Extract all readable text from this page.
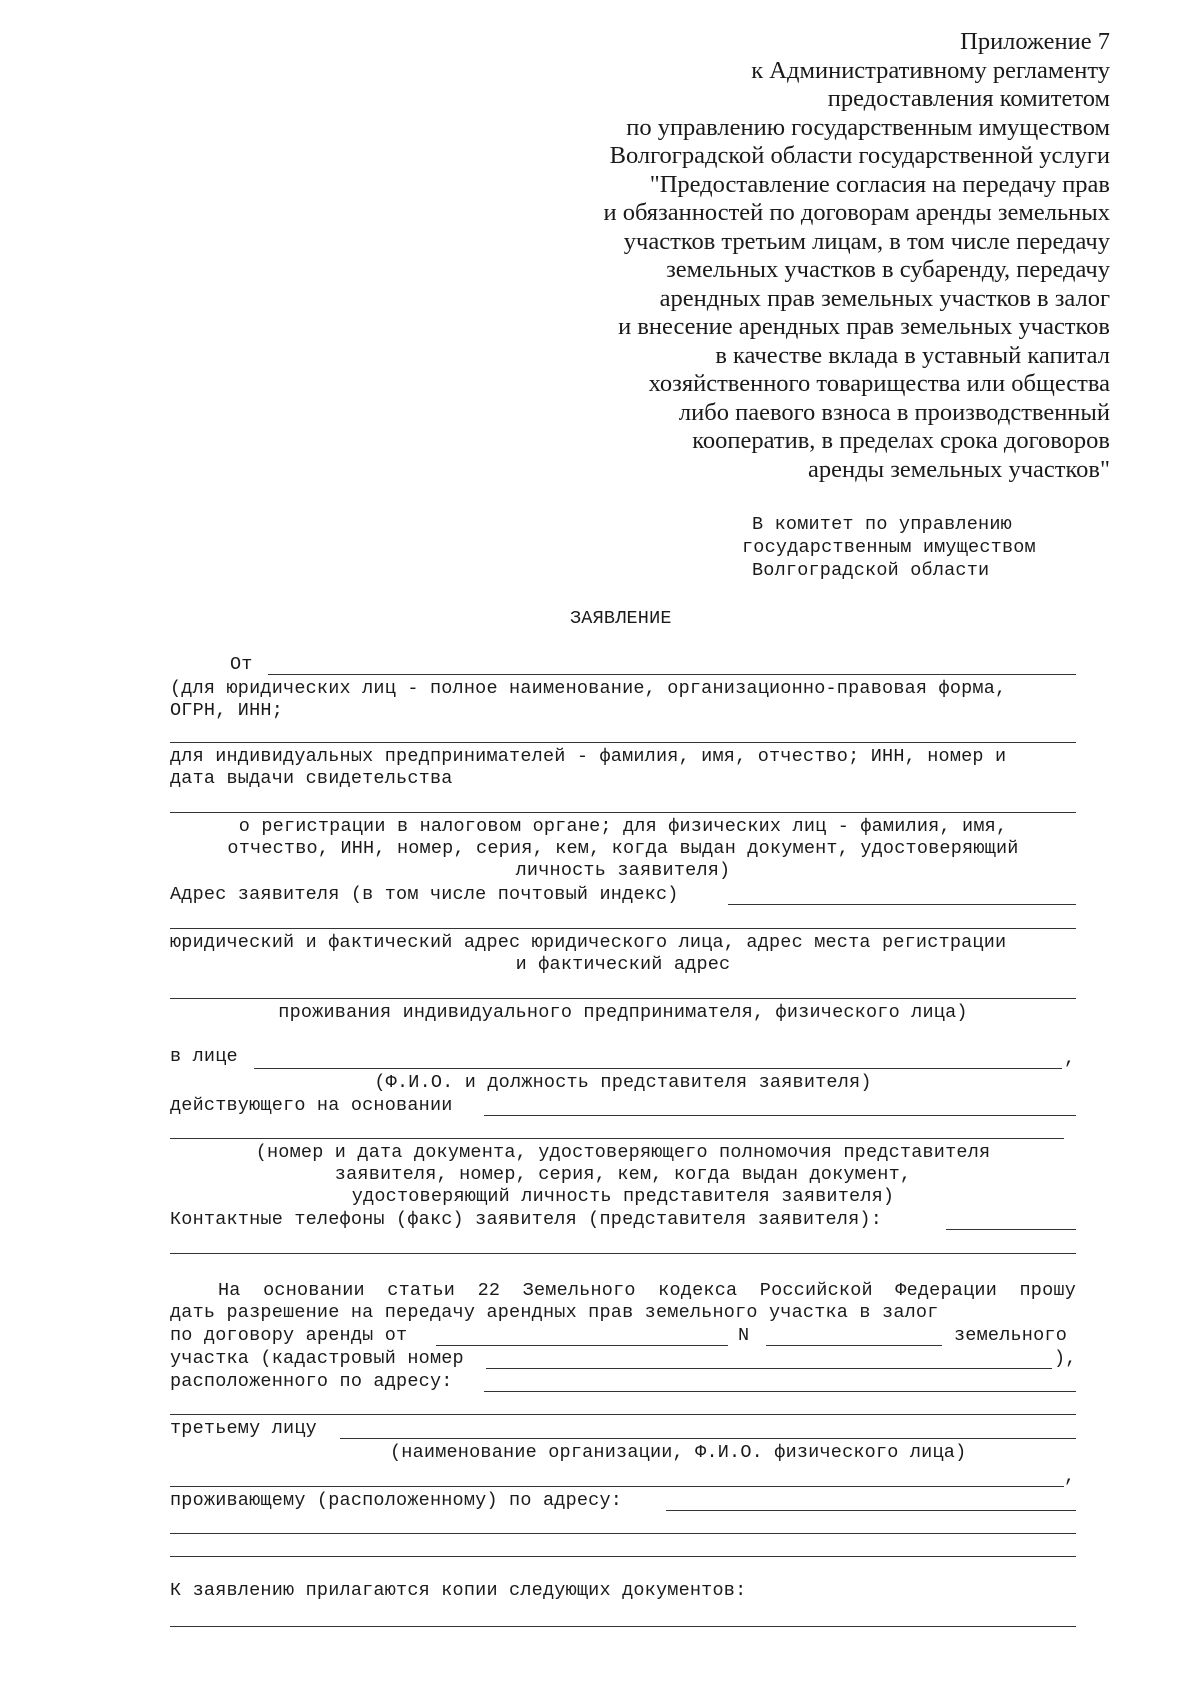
Приложение 7
к Административному регламенту
предоставления комитетом
по управлению государственным имуществом
Волгоградской области государственной услуги
"Предоставление согласия на передачу прав
и обязанностей по договорам аренды земельных
участков третьим лицам, в том числе передачу
земельных участков в субаренду, передачу
арендных прав земельных участков в залог
и внесение арендных прав земельных участков
в качестве вклада в уставный капитал
хозяйственного товарищества или общества
либо паевого взноса в производственный
кооператив, в пределах срока договоров
аренды земельных участков"
В комитет по управлению
государственным имуществом
Волгоградской области
ЗАЯВЛЕНИЕ
От
(для юридических лиц - полное наименование, организационно-правовая форма,
ОГРН, ИНН;
для индивидуальных предпринимателей - фамилия, имя, отчество; ИНН, номер и
дата выдачи свидетельства
о регистрации в налоговом органе; для физических лиц - фамилия, имя,
отчество, ИНН, номер, серия, кем, когда выдан документ, удостоверяющий
личность заявителя)
Адрес заявителя (в том числе почтовый индекс)
юридический и фактический адрес юридического лица, адрес места регистрации
и фактический адрес
проживания индивидуального предпринимателя, физического лица)
в лице	,
(Ф.И.О. и должность представителя заявителя)
действующего на основании
(номер и дата документа, удостоверяющего полномочия представителя
заявителя, номер, серия, кем, когда выдан документ,
удостоверяющий личность представителя заявителя)
Контактные телефоны (факс) заявителя (представителя заявителя):
На основании статьи 22 Земельного кодекса Российской Федерации прошу
дать разрешение на передачу арендных прав земельного участка в залог
по договору аренды от	N	земельного
участка (кадастровый номер	),
расположенного по адресу:
третьему лицу
(наименование организации, Ф.И.О. физического лица)
,
проживающему (расположенному) по адресу:
К заявлению прилагаются копии следующих документов:
